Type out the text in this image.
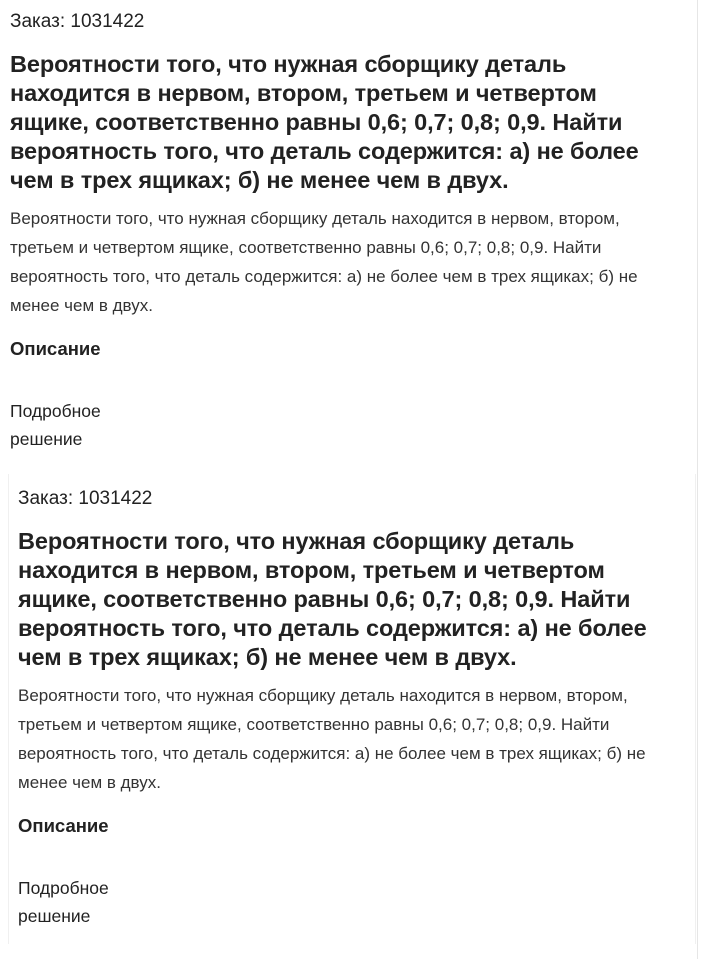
Заказ: 1031422
Вероятности того, что нужная сборщику деталь находится в нервом, втором, третьем и четвертом ящике, соответственно равны 0,6; 0,7; 0,8; 0,9. Найти вероятность того, что деталь содержится: а) не более чем в трех ящиках; б) не менее чем в двух.
Вероятности того, что нужная сборщику деталь находится в нервом, втором, третьем и четвертом ящике, соответственно равны 0,6; 0,7; 0,8; 0,9. Найти вероятность того, что деталь содержится: а) не более чем в трех ящиках; б) не менее чем в двух.
Описание
Подробное решение
Заказ: 1031422
Вероятности того, что нужная сборщику деталь находится в нервом, втором, третьем и четвертом ящике, соответственно равны 0,6; 0,7; 0,8; 0,9. Найти вероятность того, что деталь содержится: а) не более чем в трех ящиках; б) не менее чем в двух.
Вероятности того, что нужная сборщику деталь находится в нервом, втором, третьем и четвертом ящике, соответственно равны 0,6; 0,7; 0,8; 0,9. Найти вероятность того, что деталь содержится: а) не более чем в трех ящиках; б) не менее чем в двух.
Описание
Подробное решение
